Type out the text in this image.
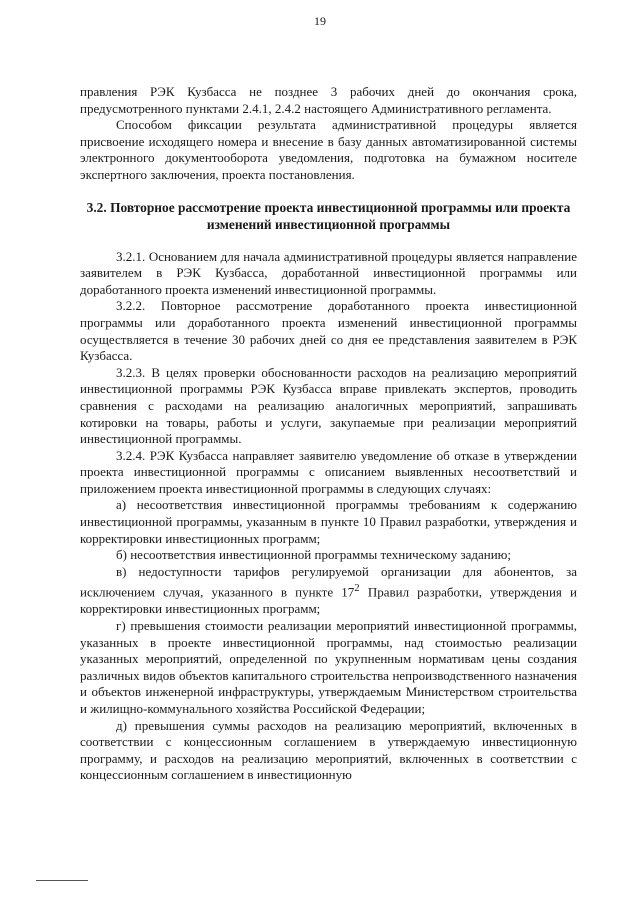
19

правления РЭК Кузбасса не позднее 3 рабочих дней до окончания срока, предусмотренного пунктами 2.4.1, 2.4.2 настоящего Административного регламента.

Способом фиксации результата административной процедуры является присвоение исходящего номера и внесение в базу данных автоматизированной системы электронного документооборота уведомления, подготовка на бумажном носителе экспертного заключения, проекта постановления.

3.2. Повторное рассмотрение проекта инвестиционной программы или проекта изменений инвестиционной программы

3.2.1. Основанием для начала административной процедуры является направление заявителем в РЭК Кузбасса, доработанной инвестиционной программы или доработанного проекта изменений инвестиционной программы.

3.2.2. Повторное рассмотрение доработанного проекта инвестиционной программы или доработанного проекта изменений инвестиционной программы осуществляется в течение 30 рабочих дней со дня ее представления заявителем в РЭК Кузбасса.

3.2.3. В целях проверки обоснованности расходов на реализацию мероприятий инвестиционной программы РЭК Кузбасса вправе привлекать экспертов, проводить сравнения с расходами на реализацию аналогичных мероприятий, запрашивать котировки на товары, работы и услуги, закупаемые при реализации мероприятий инвестиционной программы.

3.2.4. РЭК Кузбасса направляет заявителю уведомление об отказе в утверждении проекта инвестиционной программы с описанием выявленных несоответствий и приложением проекта инвестиционной программы в следующих случаях:

а) несоответствия инвестиционной программы требованиям к содержанию инвестиционной программы, указанным в пункте 10 Правил разработки, утверждения и корректировки инвестиционных программ;

б) несоответствия инвестиционной программы техническому заданию;

в) недоступности тарифов регулируемой организации для абонентов, за исключением случая, указанного в пункте $17^2$ Правил разработки, утверждения и корректировки инвестиционных программ;

г) превышения стоимости реализации мероприятий инвестиционной программы, указанных в проекте инвестиционной программы, над стоимостью реализации указанных мероприятий, определенной по укрупненным нормативам цены создания различных видов объектов капитального строительства непроизводственного назначения и объектов инженерной инфраструктуры, утверждаемым Министерством строительства и жилищно-коммунального хозяйства Российской Федерации;

д) превышения суммы расходов на реализацию мероприятий, включенных в соответствии с концессионным соглашением в утверждаемую инвестиционную программу, и расходов на реализацию мероприятий, включенных в соответствии с концессионным соглашением в инвестиционную
